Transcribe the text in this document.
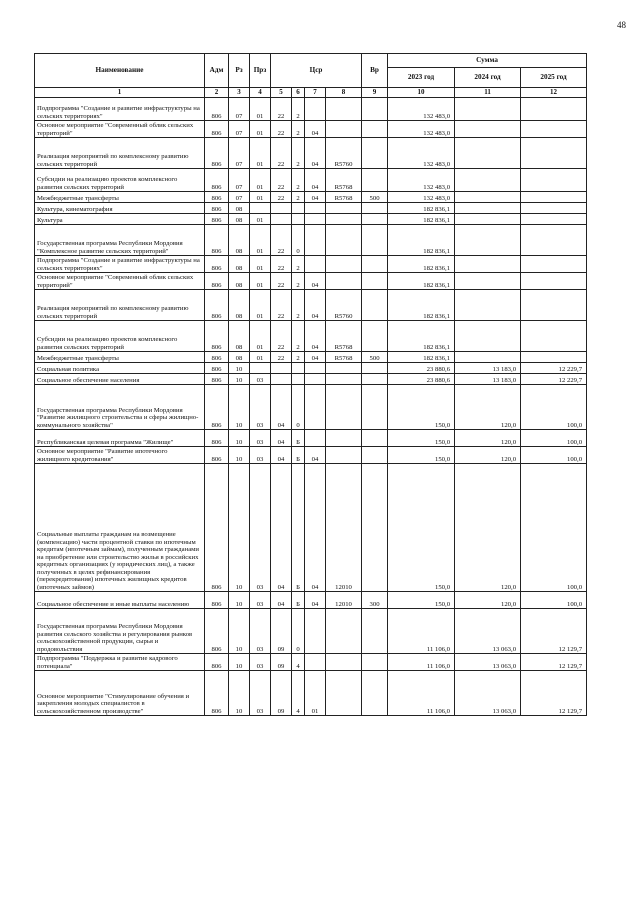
48
Наименование	Адм	Рз	Прз	Цср				Вр	Сумма		
									2023 год	2024 год	2025 год
1	2	3	4	5	6	7	8	9	10	11	12
Подпрограмма "Создание и развитие инфраструктуры на сельских территориях"	806	07	01	22	2				132 483,0		
Основное мероприятие "Современный облик сельских территорий"	806	07	01	22	2	04			132 483,0		
Реализация мероприятий по комплексному развитию сельских территорий	806	07	01	22	2	04	R5760		132 483,0		
Субсидии на реализацию проектов комплексного развития сельских территорий	806	07	01	22	2	04	R5768		132 483,0		
Межбюджетные трансферты	806	07	01	22	2	04	R5768	500	132 483,0		
Культура, кинематография	806	08							182 836,1		
Культура	806	08	01						182 836,1		
Государственная программа Республики Мордовия "Комплексное развитие сельских территорий"	806	08	01	22	0				182 836,1		
Подпрограмма "Создание и развитие инфраструктуры на сельских территориях"	806	08	01	22	2				182 836,1		
Основное мероприятие "Современный облик сельских территорий"	806	08	01	22	2	04			182 836,1		
Реализация мероприятий по комплексному развитию сельских территорий	806	08	01	22	2	04	R5760		182 836,1		
Субсидии на реализацию проектов комплексного развития сельских территорий	806	08	01	22	2	04	R5768		182 836,1		
Межбюджетные трансферты	806	08	01	22	2	04	R5768	500	182 836,1		
Социальная политика	806	10							23 880,6	13 183,0	12 229,7
Социальное обеспечение населения	806	10	03						23 880,6	13 183,0	12 229,7
Государственная программа Республики Мордовия "Развитие жилищного строительства и сферы жилищно-коммунального хозяйства"	806	10	03	04	0				150,0	120,0	100,0
Республиканская целевая программа "Жилище"	806	10	03	04	Б				150,0	120,0	100,0
Основное мероприятие "Развитие ипотечного жилищного кредитования"	806	10	03	04	Б	04			150,0	120,0	100,0
Социальные выплаты гражданам на возмещение (компенсацию) части процентной ставки по ипотечным кредитам (ипотечным займам), полученным гражданами на приобретение или строительство жилья в российских кредитных организациях (у юридических лиц), а также полученных в целях рефинансирования (перекредитования) ипотечных жилищных кредитов (ипотечных займов)	806	10	03	04	Б	04	12010		150,0	120,0	100,0
Социальное обеспечение и иные выплаты населению	806	10	03	04	Б	04	12010	300	150,0	120,0	100,0
Государственная программа Республики Мордовия развития сельского хозяйства и регулирования рынков сельскохозяйственной продукции, сырья и продовольствия	806	10	03	09	0				11 106,0	13 063,0	12 129,7
Подпрограмма "Поддержка и развитие кадрового потенциала"	806	10	03	09	4				11 106,0	13 063,0	12 129,7
Основное мероприятие "Стимулирование обучения и закрепления молодых специалистов в сельскохозяйственном производстве"	806	10	03	09	4	01			11 106,0	13 063,0	12 129,7
